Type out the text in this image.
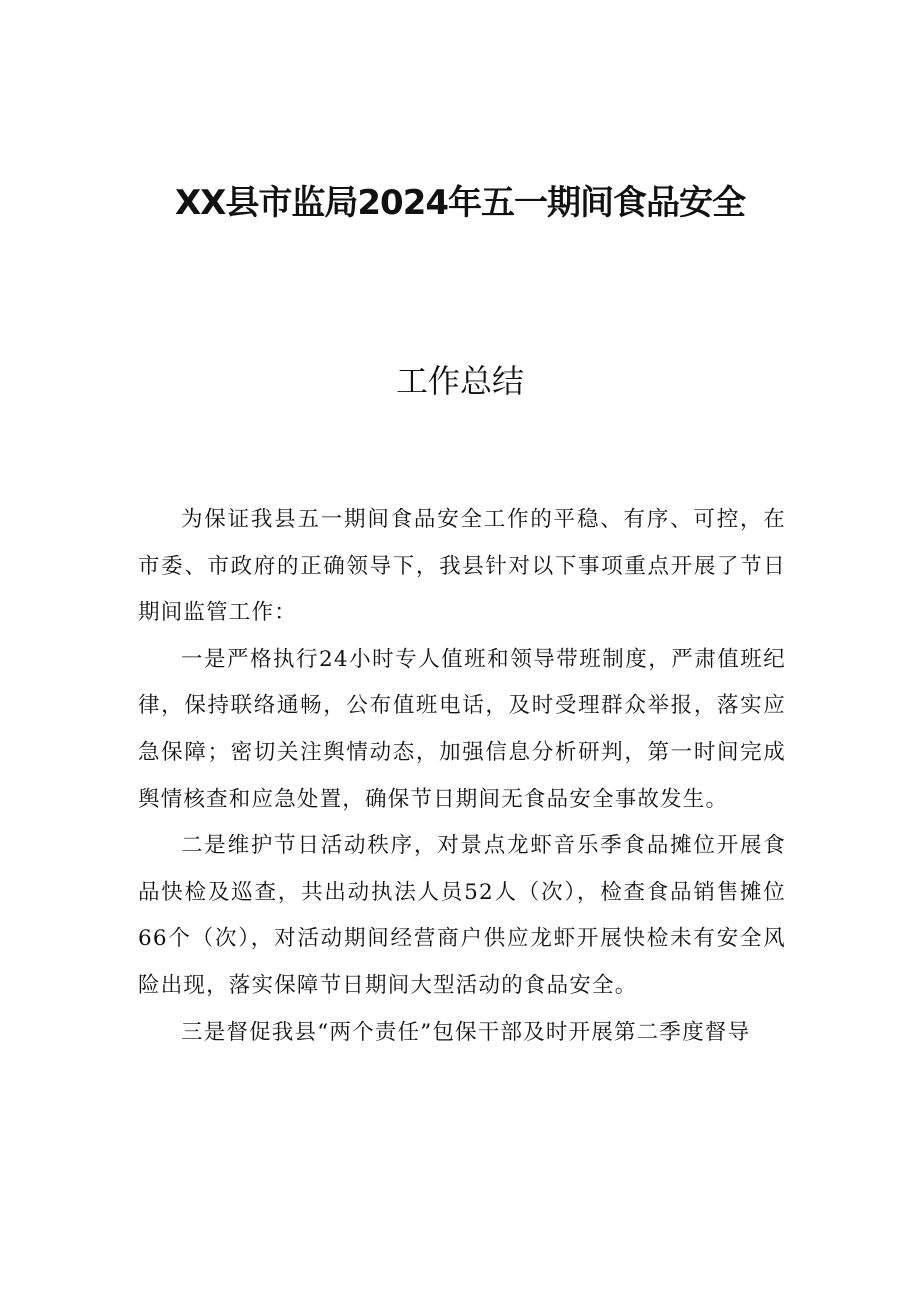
XX县市监局2024年五一期间食品安全
工作总结

为保证我县五一期间食品安全工作的平稳、有序、可控，在市委、市政府的正确领导下，我县针对以下事项重点开展了节日期间监管工作：

一是严格执行24小时专人值班和领导带班制度，严肃值班纪律，保持联络通畅，公布值班电话，及时受理群众举报，落实应急保障；密切关注舆情动态，加强信息分析研判，第一时间完成舆情核查和应急处置，确保节日期间无食品安全事故发生。

二是维护节日活动秩序，对景点龙虾音乐季食品摊位开展食品快检及巡查，共出动执法人员52人（次），检查食品销售摊位66个（次），对活动期间经营商户供应龙虾开展快检未有安全风险出现，落实保障节日期间大型活动的食品安全。

三是督促我县“两个责任”包保干部及时开展第二季度督导
